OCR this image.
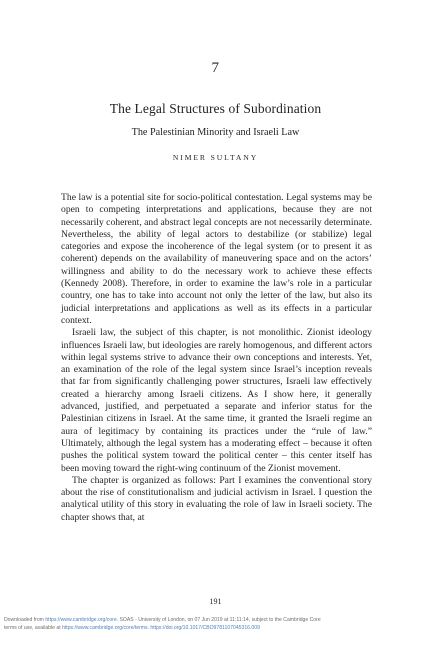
7
The Legal Structures of Subordination
The Palestinian Minority and Israeli Law
NIMER SULTANY

The law is a potential site for socio-political contestation. Legal systems may be open to competing interpretations and applications, because they are not necessarily coherent, and abstract legal concepts are not necessarily determinate. Nevertheless, the ability of legal actors to destabilize (or stabilize) legal categories and expose the incoherence of the legal system (or to present it as coherent) depends on the availability of maneuvering space and on the actors’ willingness and ability to do the necessary work to achieve these effects (Kennedy 2008). Therefore, in order to examine the law’s role in a particular country, one has to take into account not only the letter of the law, but also its judicial interpretations and applications as well as its effects in a particular context.

Israeli law, the subject of this chapter, is not monolithic. Zionist ideology influences Israeli law, but ideologies are rarely homogenous, and different actors within legal systems strive to advance their own conceptions and interests. Yet, an examination of the role of the legal system since Israel’s inception reveals that far from significantly challenging power structures, Israeli law effectively created a hierarchy among Israeli citizens. As I show here, it generally advanced, justified, and perpetuated a separate and inferior status for the Palestinian citizens in Israel. At the same time, it granted the Israeli regime an aura of legitimacy by containing its practices under the “rule of law.” Ultimately, although the legal system has a moderating effect – because it often pushes the political system toward the political center – this center itself has been moving toward the right-wing continuum of the Zionist movement.

The chapter is organized as follows: Part I examines the conventional story about the rise of constitutionalism and judicial activism in Israel. I question the analytical utility of this story in evaluating the role of law in Israeli society. The chapter shows that, at

191
Downloaded from https://www.cambridge.org/core. SOAS - University of London, on 07 Jun 2019 at 11:11:14, subject to the Cambridge Core
terms of use, available at https://www.cambridge.org/core/terms. https://doi.org/10.1017/CBO9781107045316.009
